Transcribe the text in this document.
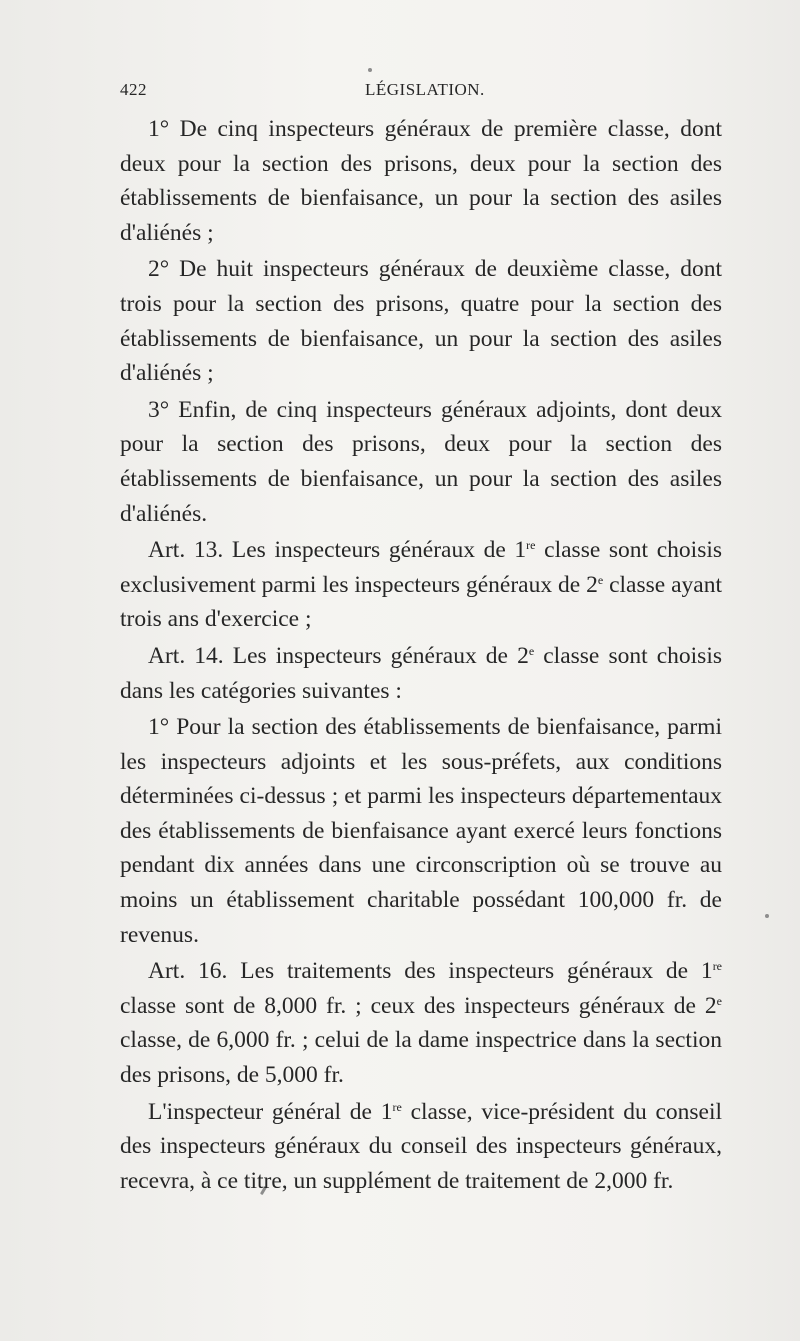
422	LÉGISLATION.

1° De cinq inspecteurs généraux de première classe, dont deux pour la section des prisons, deux pour la section des établissements de bienfaisance, un pour la section des asiles d'aliénés ;

2° De huit inspecteurs généraux de deuxième classe, dont trois pour la section des prisons, quatre pour la section des établissements de bienfaisance, un pour la section des asiles d'aliénés ;

3° Enfin, de cinq inspecteurs généraux adjoints, dont deux pour la section des prisons, deux pour la section des établissements de bienfaisance, un pour la section des asiles d'aliénés.

Art. 13. Les inspecteurs généraux de 1re classe sont choisis exclusivement parmi les inspecteurs généraux de 2e classe ayant trois ans d'exercice ;

Art. 14. Les inspecteurs généraux de 2e classe sont choisis dans les catégories suivantes :

1° Pour la section des établissements de bienfaisance, parmi les inspecteurs adjoints et les sous-préfets, aux conditions déterminées ci-dessus ; et parmi les inspecteurs départementaux des établissements de bienfaisance ayant exercé leurs fonctions pendant dix années dans une circonscription où se trouve au moins un établissement charitable possédant 100,000 fr. de revenus.

Art. 16. Les traitements des inspecteurs généraux de 1re classe sont de 8,000 fr. ; ceux des inspecteurs généraux de 2e classe, de 6,000 fr. ; celui de la dame inspectrice dans la section des prisons, de 5,000 fr.

L'inspecteur général de 1re classe, vice-président du conseil des inspecteurs généraux du conseil des inspecteurs généraux, recevra, à ce titre, un supplément de traitement de 2,000 fr.
